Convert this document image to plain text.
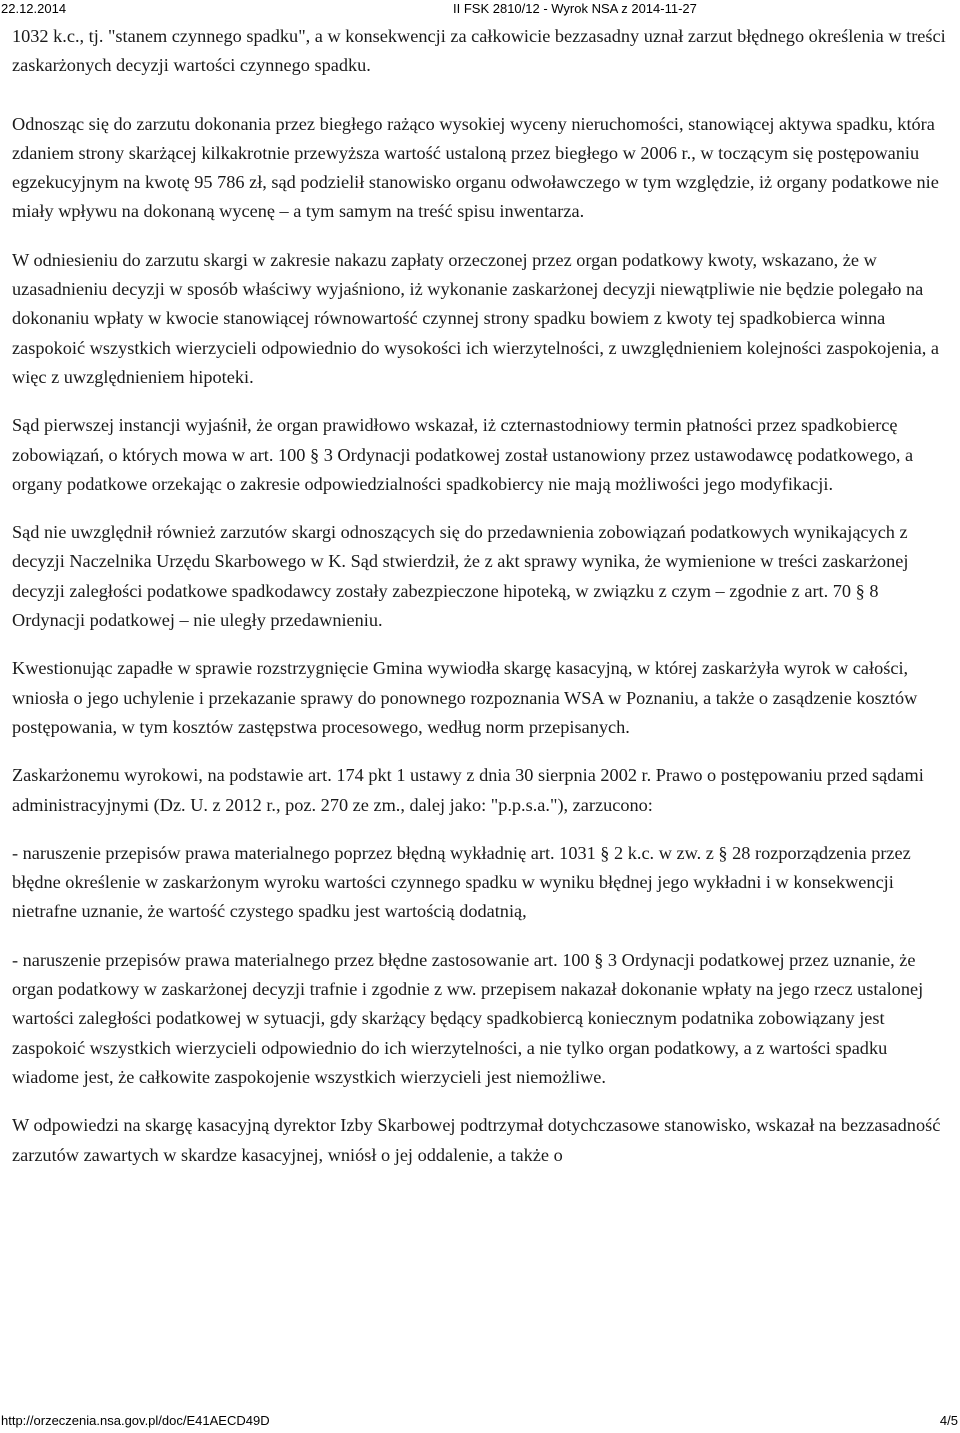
22.12.2014	II FSK 2810/12 - Wyrok NSA z 2014-11-27

1032 k.c., tj. "stanem czynnego spadku", a w konsekwencji za całkowicie bezzasadny uznał zarzut błędnego określenia w treści zaskarżonych decyzji wartości czynnego spadku.

Odnosząc się do zarzutu dokonania przez biegłego rażąco wysokiej wyceny nieruchomości, stanowiącej aktywa spadku, która zdaniem strony skarżącej kilkakrotnie przewyższa wartość ustaloną przez biegłego w 2006 r., w toczącym się postępowaniu egzekucyjnym na kwotę 95 786 zł, sąd podzielił stanowisko organu odwoławczego w tym względzie, iż organy podatkowe nie miały wpływu na dokonaną wycenę – a tym samym na treść spisu inwentarza.

W odniesieniu do zarzutu skargi w zakresie nakazu zapłaty orzeczonej przez organ podatkowy kwoty, wskazano, że w uzasadnieniu decyzji w sposób właściwy wyjaśniono, iż wykonanie zaskarżonej decyzji niewątpliwie nie będzie polegało na dokonaniu wpłaty w kwocie stanowiącej równowartość czynnej strony spadku bowiem z kwoty tej spadkobierca winna zaspokoić wszystkich wierzycieli odpowiednio do wysokości ich wierzytelności, z uwzględnieniem kolejności zaspokojenia, a więc z uwzględnieniem hipoteki.

Sąd pierwszej instancji wyjaśnił, że organ prawidłowo wskazał, iż czternastodniowy termin płatności przez spadkobiercę zobowiązań, o których mowa w art. 100 § 3 Ordynacji podatkowej został ustanowiony przez ustawodawcę podatkowego, a organy podatkowe orzekając o zakresie odpowiedzialności spadkobiercy nie mają możliwości jego modyfikacji.

Sąd nie uwzględnił również zarzutów skargi odnoszących się do przedawnienia zobowiązań podatkowych wynikających z decyzji Naczelnika Urzędu Skarbowego w K. Sąd stwierdził, że z akt sprawy wynika, że wymienione w treści zaskarżonej decyzji zaległości podatkowe spadkodawcy zostały zabezpieczone hipoteką, w związku z czym – zgodnie z art. 70 § 8 Ordynacji podatkowej – nie uległy przedawnieniu.

Kwestionując zapadłe w sprawie rozstrzygnięcie Gmina wywiodła skargę kasacyjną, w której zaskarżyła wyrok w całości, wniosła o jego uchylenie i przekazanie sprawy do ponownego rozpoznania WSA w Poznaniu, a także o zasądzenie kosztów postępowania, w tym kosztów zastępstwa procesowego, według norm przepisanych.

Zaskarżonemu wyrokowi, na podstawie art. 174 pkt 1 ustawy z dnia 30 sierpnia 2002 r. Prawo o postępowaniu przed sądami administracyjnymi (Dz. U. z 2012 r., poz. 270 ze zm., dalej jako: "p.p.s.a."), zarzucono:

- naruszenie przepisów prawa materialnego poprzez błędną wykładnię art. 1031 § 2 k.c. w zw. z § 28 rozporządzenia przez błędne określenie w zaskarżonym wyroku wartości czynnego spadku w wyniku błędnej jego wykładni i w konsekwencji nietrafne uznanie, że wartość czystego spadku jest wartością dodatnią,

- naruszenie przepisów prawa materialnego przez błędne zastosowanie art. 100 § 3 Ordynacji podatkowej przez uznanie, że organ podatkowy w zaskarżonej decyzji trafnie i zgodnie z ww. przepisem nakazał dokonanie wpłaty na jego rzecz ustalonej wartości zaległości podatkowej w sytuacji, gdy skarżący będący spadkobiercą koniecznym podatnika zobowiązany jest zaspokoić wszystkich wierzycieli odpowiednio do ich wierzytelności, a nie tylko organ podatkowy, a z wartości spadku wiadome jest, że całkowite zaspokojenie wszystkich wierzycieli jest niemożliwe.

W odpowiedzi na skargę kasacyjną dyrektor Izby Skarbowej podtrzymał dotychczasowe stanowisko, wskazał na bezzasadność zarzutów zawartych w skardze kasacyjnej, wniósł o jej oddalenie, a także o

http://orzeczenia.nsa.gov.pl/doc/E41AECD49D	4/5
